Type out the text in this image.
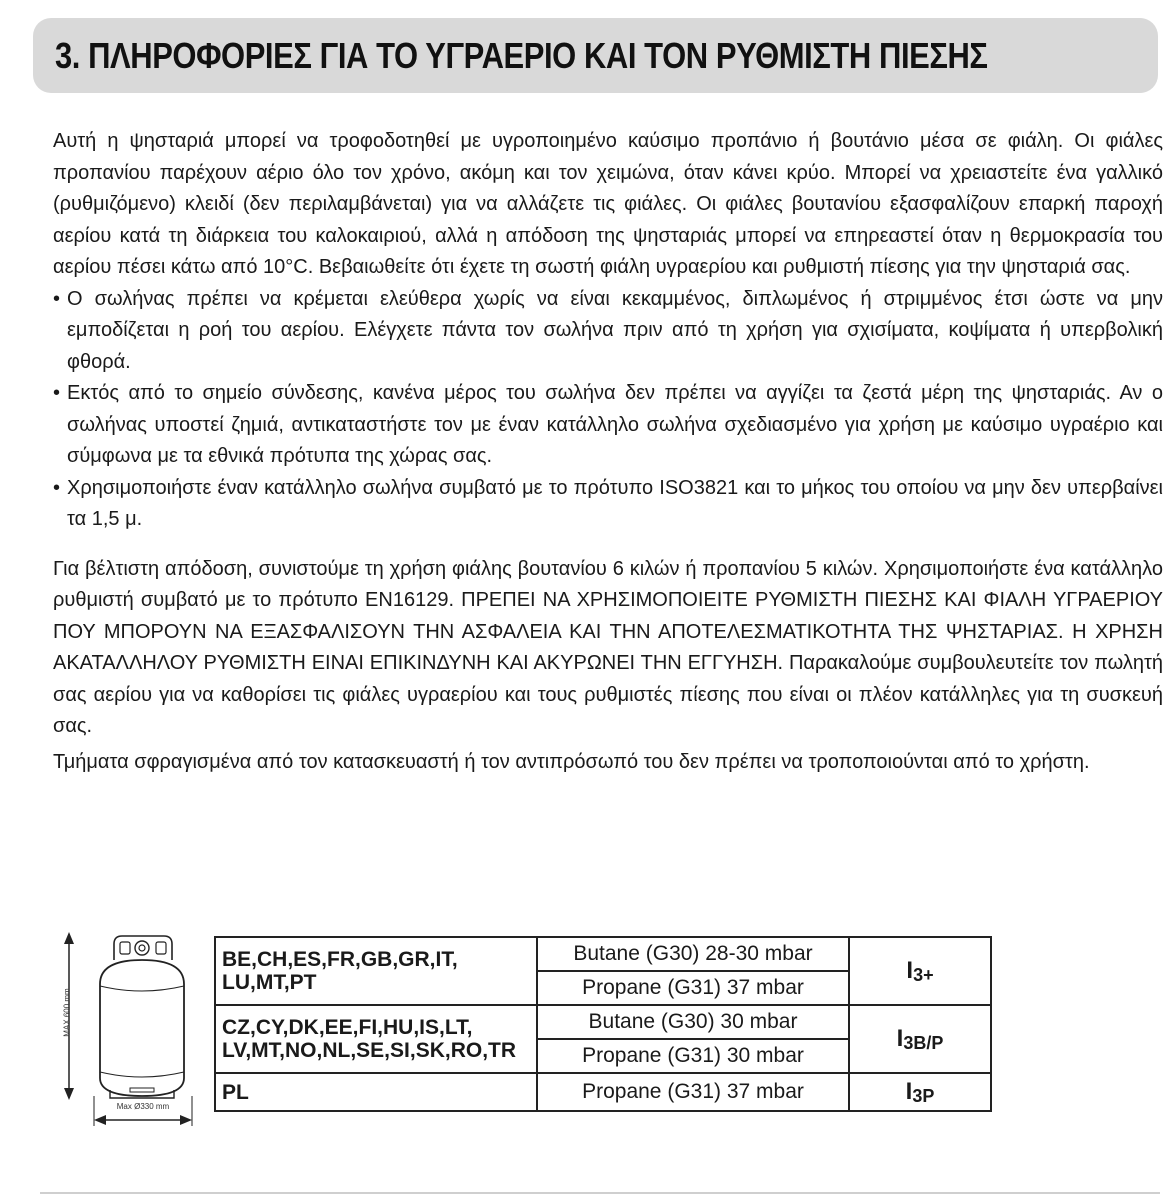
3. ΠΛΗΡΟΦΟΡΙΕΣ ΓΙΑ ΤΟ ΥΓΡΑΕΡΙΟ ΚΑΙ ΤΟΝ ΡΥΘΜΙΣΤΗ ΠΙΕΣΗΣ

Αυτή η ψησταριά μπορεί να τροφοδοτηθεί με υγροποιημένο καύσιμο προπάνιο ή βουτάνιο μέσα σε φιάλη. Οι φιάλες προπανίου παρέχουν αέριο όλο τον χρόνο, ακόμη και τον χειμώνα, όταν κάνει κρύο. Μπορεί να χρειαστείτε ένα γαλλικό (ρυθμιζόμενο) κλειδί (δεν περιλαμβάνεται) για να αλλάζετε τις φιάλες. Οι φιάλες βουτανίου εξασφαλίζουν επαρκή παροχή αερίου κατά τη διάρκεια του καλοκαιριού, αλλά η απόδοση της ψησταριάς μπορεί να επηρεαστεί όταν η θερμοκρασία του αερίου πέσει κάτω από 10°C. Βεβαιωθείτε ότι έχετε τη σωστή φιάλη υγραερίου και ρυθμιστή πίεσης για την ψησταριά σας.

• Ο σωλήνας πρέπει να κρέμεται ελεύθερα χωρίς να είναι κεκαμμένος, διπλωμένος ή στριμμένος έτσι ώστε να μην εμποδίζεται η ροή του αερίου. Ελέγχετε πάντα τον σωλήνα πριν από τη χρήση για σχισίματα, κοψίματα ή υπερβολική φθορά.

• Εκτός από το σημείο σύνδεσης, κανένα μέρος του σωλήνα δεν πρέπει να αγγίζει τα ζεστά μέρη της ψησταριάς. Αν ο σωλήνας υποστεί ζημιά, αντικαταστήστε τον με έναν κατάλληλο σωλήνα σχεδιασμένο για χρήση με καύσιμο υγραέριο και σύμφωνα με τα εθνικά πρότυπα της χώρας σας.

• Χρησιμοποιήστε έναν κατάλληλο σωλήνα συμβατό με το πρότυπο ISO3821 και το μήκος του οποίου να μην δεν υπερβαίνει τα 1,5 μ.

Για βέλτιστη απόδοση, συνιστούμε τη χρήση φιάλης βουτανίου 6 κιλών ή προπανίου 5 κιλών. Χρησιμοποιήστε ένα κατάλληλο ρυθμιστή συμβατό με το πρότυπο EN16129. ΠΡΕΠΕΙ ΝΑ ΧΡΗΣΙΜΟΠΟΙΕΙΤΕ ΡΥΘΜΙΣΤΗ ΠΙΕΣΗΣ ΚΑΙ ΦΙΑΛΗ ΥΓΡΑΕΡΙΟΥ ΠΟΥ ΜΠΟΡΟΥΝ ΝΑ ΕΞΑΣΦΑΛΙΣΟΥΝ ΤΗΝ ΑΣΦΑΛΕΙΑ ΚΑΙ ΤΗΝ ΑΠΟΤΕΛΕΣΜΑΤΙΚΟΤΗΤΑ ΤΗΣ ΨΗΣΤΑΡΙΑΣ. Η ΧΡΗΣΗ ΑΚΑΤΑΛΛΗΛΟΥ ΡΥΘΜΙΣΤΗ ΕΙΝΑΙ ΕΠΙΚΙΝΔΥΝΗ ΚΑΙ ΑΚΥΡΩΝΕΙ ΤΗΝ ΕΓΓΥΗΣΗ. Παρακαλούμε συμβουλευτείτε τον πωλητή σας αερίου για να καθορίσει τις φιάλες υγραερίου και τους ρυθμιστές πίεσης που είναι οι πλέον κατάλληλες για τη συσκευή σας.

Τμήματα σφραγισμένα από τον κατασκευαστή ή τον αντιπρόσωπό του δεν πρέπει να τροποποιούνται από το χρήστη.

MAX 600 mm
Max Ø330 mm
BE,CH,ES,FR,GB,GR,IT, LU,MT,PT	Butane (G30) 28-30 mbar	$I_{3+}$
	Propane (G31) 37 mbar	
CZ,CY,DK,EE,FI,HU,IS,LT, LV,MT,NO,NL,SE,SI,SK,RO,TR	Butane (G30) 30 mbar	$I_{3B/P}$
	Propane (G31) 30 mbar	
PL	Propane (G31) 37 mbar	$I_{3P}$
